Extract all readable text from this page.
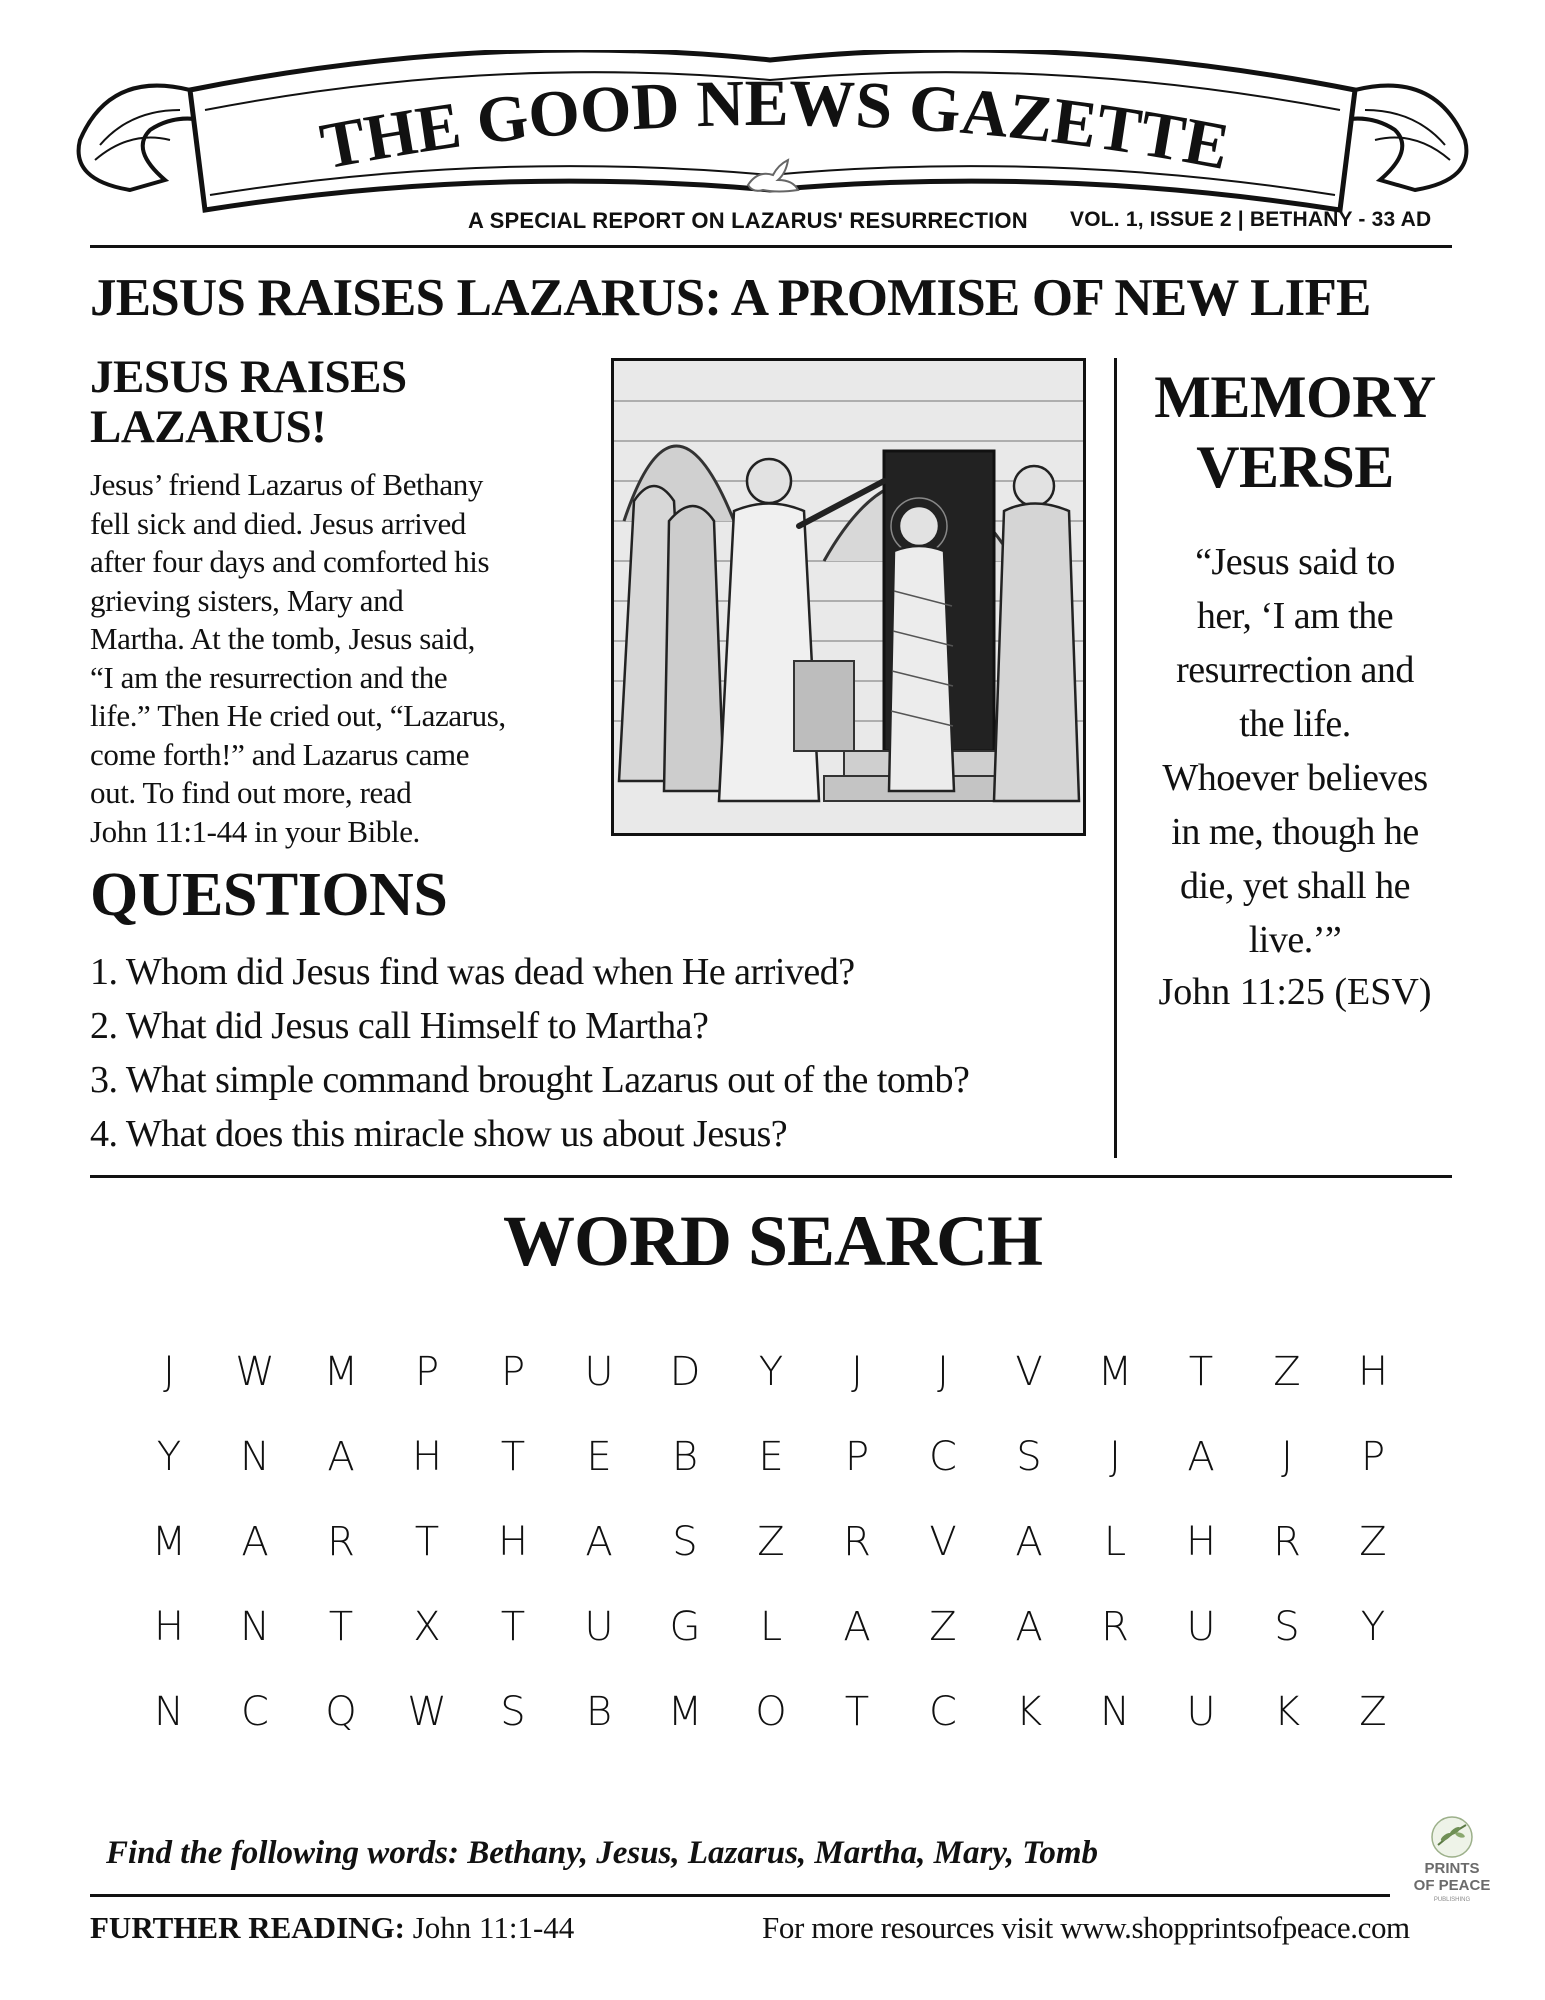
THE GOOD NEWS GAZETTE
A SPECIAL REPORT ON LAZARUS' RESURRECTION VOL. 1, ISSUE 2 | BETHANY - 33 AD
JESUS RAISES LAZARUS: A PROMISE OF NEW LIFE
JESUS RAISES
LAZARUS!
Jesus’ friend Lazarus of Bethany
fell sick and died. Jesus arrived
after four days and comforted his
grieving sisters, Mary and
Martha. At the tomb, Jesus said,
“I am the resurrection and the
life.” Then He cried out, “Lazarus,
come forth!” and Lazarus came
out. To find out more, read
John 11:1-44 in your Bible.
MEMORY
VERSE
“Jesus said to
her, ‘I am the
resurrection and
the life.
Whoever believes
in me, though he
die, yet shall he
live.’”
John 11:25 (ESV)
QUESTIONS
1. Whom did Jesus find was dead when He arrived?
2. What did Jesus call Himself to Martha?
3. What simple command brought Lazarus out of the tomb?
4. What does this miracle show us about Jesus?
WORD SEARCH
J	W	M	P	P	U	D	Y	J	J	V	M	T	Z	H
Y	N	A	H	T	E	B	E	P	C	S	J	A	J	P
M	A	R	T	H	A	S	Z	R	V	A	L	H	R	Z
H	N	T	X	T	U	G	L	A	Z	A	R	U	S	Y
N	C	Q	W	S	B	M	O	T	C	K	N	U	K	Z
Find the following words: Bethany, Jesus, Lazarus, Martha, Mary, Tomb	PRINTS
OF PEACE
PUBLISHING
FURTHER READING: John 11:1-44	For more resources visit www.shopprintsofpeace.com
